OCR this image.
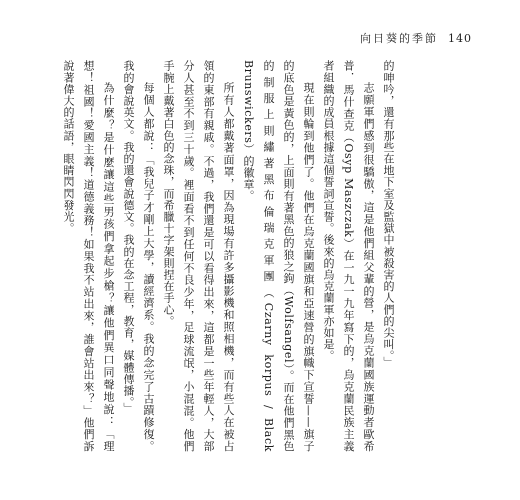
向日葵的季節 140

的呻吟，還有那些在地下室及監獄中被殺害的人們的尖叫。」

志願軍們感到很驕傲，這是他們組父輩的營，是烏克蘭國族運動者歐希普．馬什查克（Osyp Maszczak）在一九一九年寫下的，烏克蘭民族主義者組織的成員根據這個誓詞宣誓。後來的烏克蘭軍亦如是。

現在則輪到他們了。他們在烏克蘭國旗和亞速營的旗幟下宣誓——旗子的底色是黃色的，上面則有著黑色的狼之鉤（Wolfsangel）。而在他們黑色的制服上則繡著黑布倫瑞克軍團（Czarny korpus / Black Brunswickers）的徽章。

所有人都戴著面罩，因為現場有許多攝影機和照相機，而有些人在被占領的東部有親戚。不過，我們還是可以看得出來，這都是一些年輕人，大部分人甚至不到三十歲。裡面看不到任何不良少年，足球流氓，小混混。他們手腕上戴著白色的念珠，而希臘十字架則捏在手心。

每個人都說：「我兒子才剛上大學，讀經濟系。我的念完了古蹟修復。我的會說英文。我的還會說德文。我的在念工程，教育，媒體傳播。」

為什麼？是什麼讓這些男孩們拿起步槍？讓他們異口同聲地說：「理想！祖國！愛國主義！道德義務！如果我不站出來，誰會站出來？」他們訴說著偉大的話語，眼睛閃閃發光。
